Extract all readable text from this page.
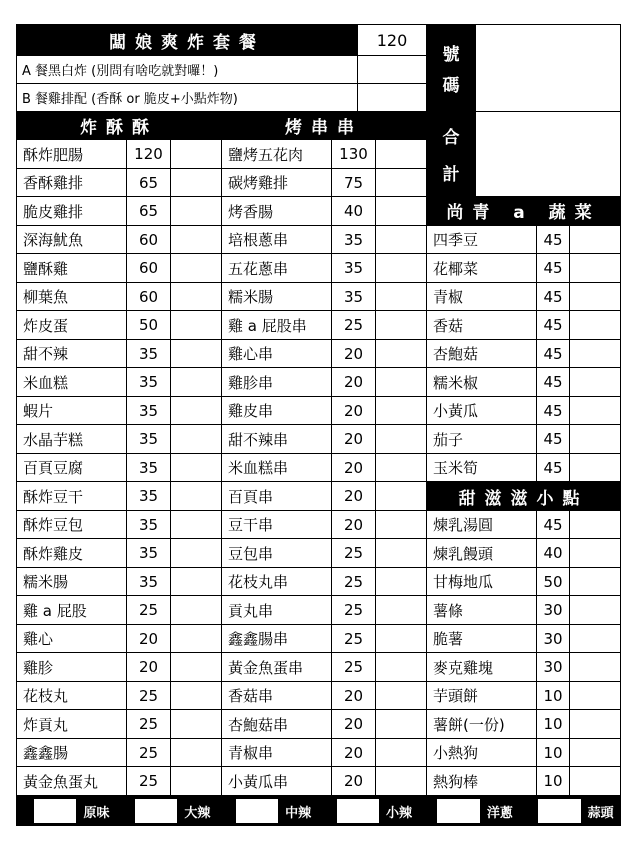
闆娘爽炸套餐	120
A 餐黑白炸 (別問有啥吃就對囉！)
B 餐雞排配 (香酥 or 脆皮+小點炸物)
號
碼
合
計
炸酥酥	烤串串
酥炸肥腸	120
香酥雞排	65
脆皮雞排	65
深海魷魚	60
鹽酥雞	60
柳葉魚	60
炸皮蛋	50
甜不辣	35
米血糕	35
蝦片	35
水晶芋糕	35
百頁豆腐	35
酥炸豆干	35
酥炸豆包	35
酥炸雞皮	35
糯米腸	35
雞 a 屁股	25
雞心	20
雞胗	20
花枝丸	25
炸貢丸	25
鑫鑫腸	25
黃金魚蛋丸	25
鹽烤五花肉	130
碳烤雞排	75
烤香腸	40
培根蔥串	35
五花蔥串	35
糯米腸	35
雞 a 屁股串	25
雞心串	20
雞胗串	20
雞皮串	20
甜不辣串	20
米血糕串	20
百頁串	20
豆干串	20
豆包串	25
花枝丸串	25
貢丸串	25
鑫鑫腸串	25
黃金魚蛋串	25
香菇串	20
杏鮑菇串	20
青椒串	20
小黃瓜串	20
尚青 a 蔬菜
四季豆	45
花椰菜	45
青椒	45
香菇	45
杏鮑菇	45
糯米椒	45
小黃瓜	45
茄子	45
玉米筍	45
甜滋滋小點
煉乳湯圓	45
煉乳饅頭	40
甘梅地瓜	50
薯條	30
脆薯	30
麥克雞塊	30
芋頭餅	10
薯餅(一份)	10
小熱狗	10
熱狗棒	10
原味	大辣	中辣	小辣	洋蔥	蒜頭
